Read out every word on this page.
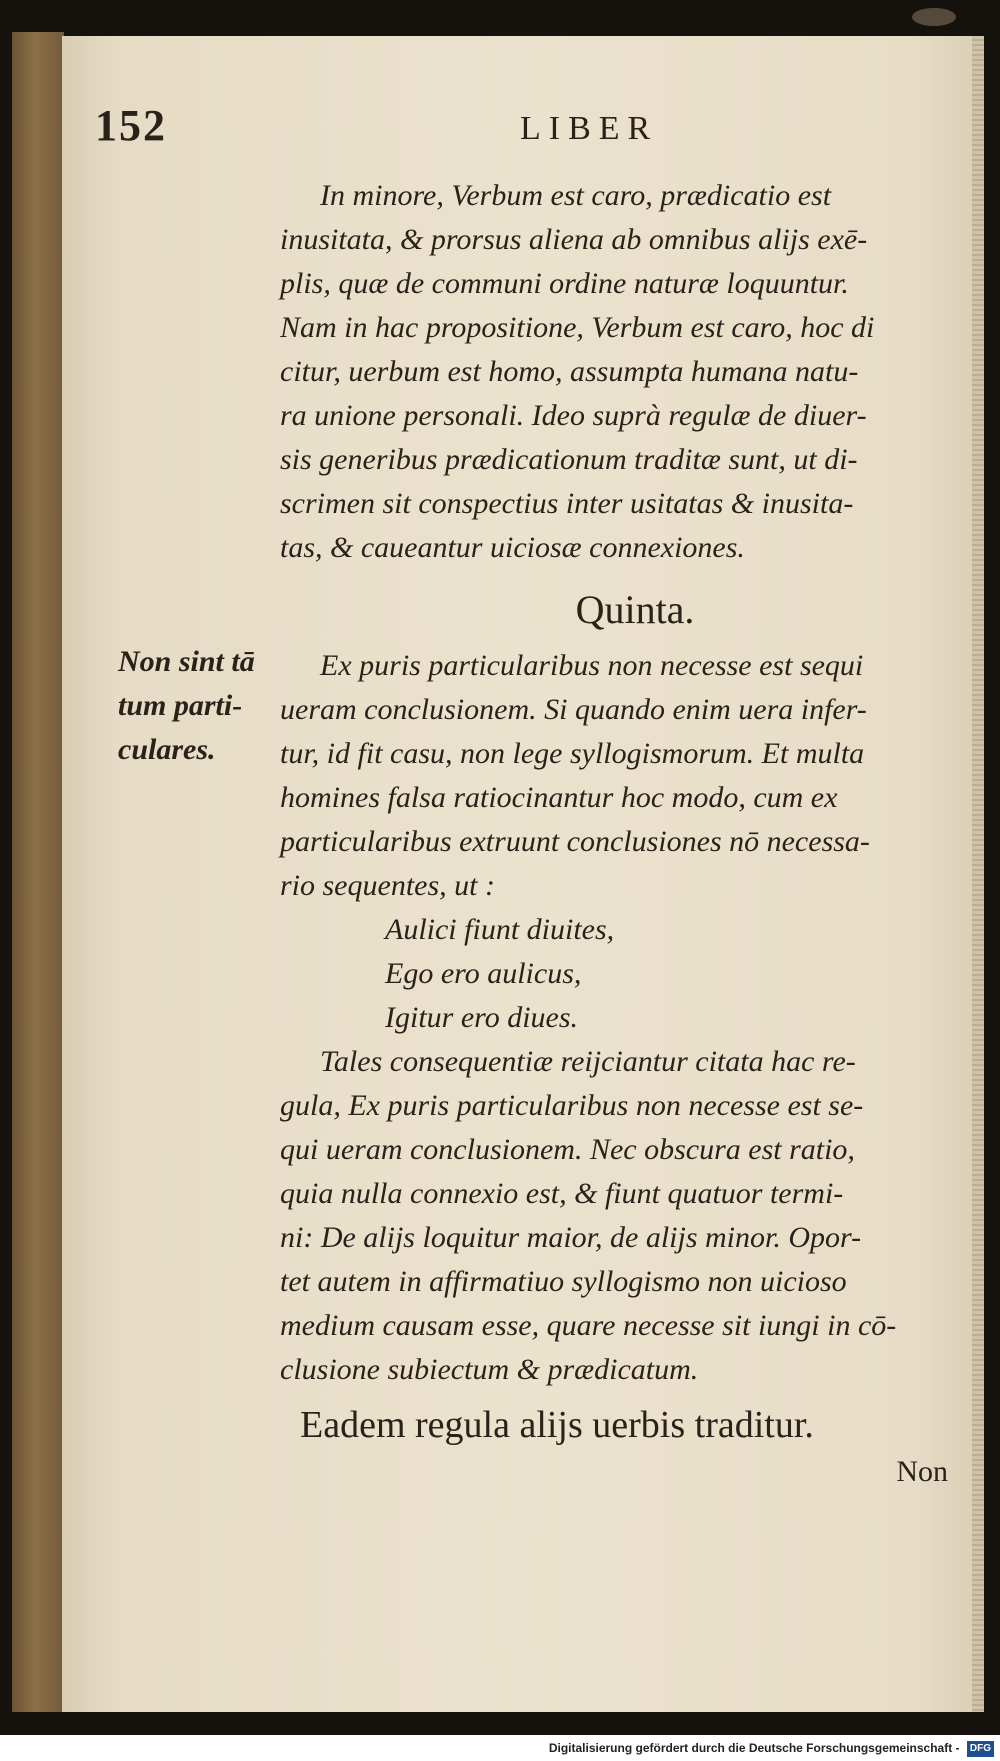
152	LIBER
Non sint tā
tum parti-
culares.

In minore, Verbum est caro, prædicatio est
inusitata, & prorsus aliena ab omnibus alijs exē-
plis, quæ de communi ordine naturæ loquuntur.
Nam in hac propositione, Verbum est caro, hoc di
citur, uerbum est homo, assumpta humana natu-
ra unione personali. Ideo suprà regulæ de diuer-
sis generibus prædicationum traditæ sunt, ut di-
scrimen sit conspectius inter usitatas & inusita-
tas, & caueantur uiciosæ connexiones.

Quinta.

Ex puris particularibus non necesse est sequi
ueram conclusionem. Si quando enim uera infer-
tur, id fit casu, non lege syllogismorum. Et multa
homines falsa ratiocinantur hoc modo, cum ex
particularibus extruunt conclusiones nō necessa-
rio sequentes, ut :

Aulici fiunt diuites,
Ego ero aulicus,
Igitur ero diues.

Tales consequentiæ reijciantur citata hac re-
gula, Ex puris particularibus non necesse est se-
qui ueram conclusionem. Nec obscura est ratio,
quia nulla connexio est, & fiunt quatuor termi-
ni: De alijs loquitur maior, de alijs minor. Opor-
tet autem in affirmatiuo syllogismo non uicioso
medium causam esse, quare necesse sit iungi in cō-
clusione subiectum & prædicatum.

Eadem regula alijs uerbis traditur.
Non
Digitalisierung gefördert durch die Deutsche Forschungsgemeinschaft - DFG
